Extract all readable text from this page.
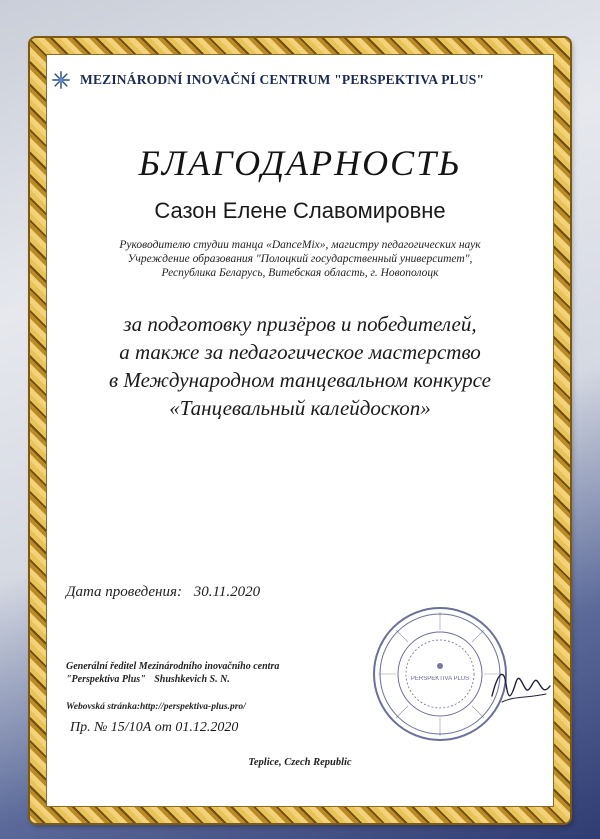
MEZINÁRODNÍ INOVAČNÍ CENTRUM "PERSPEKTIVA PLUS"
БЛАГОДАРНОСТЬ
Сазон Елене Славомировне
Руководителю студии танца «DanceMix», магистру педагогических наук
Учреждение образования "Полоцкий государственный университет",
Республика Беларусь, Витебская область, г. Новополоцк
за подготовку призёров и победителей,
а также за педагогическое мастерство
в Международном танцевальном конкурсе
«Танцевальный калейдоскоп»
Дата проведения: 30.11.2020
Generální ředitel Mezinárodního inovačního centra
"Perspektiva Plus" Shushkevich S. N.
Webovská stránka:http://perspektiva-plus.pro/
Пр. № 15/10А от 01.12.2020
Teplice, Czech Republic
PERSPEKTIVA PLUS
